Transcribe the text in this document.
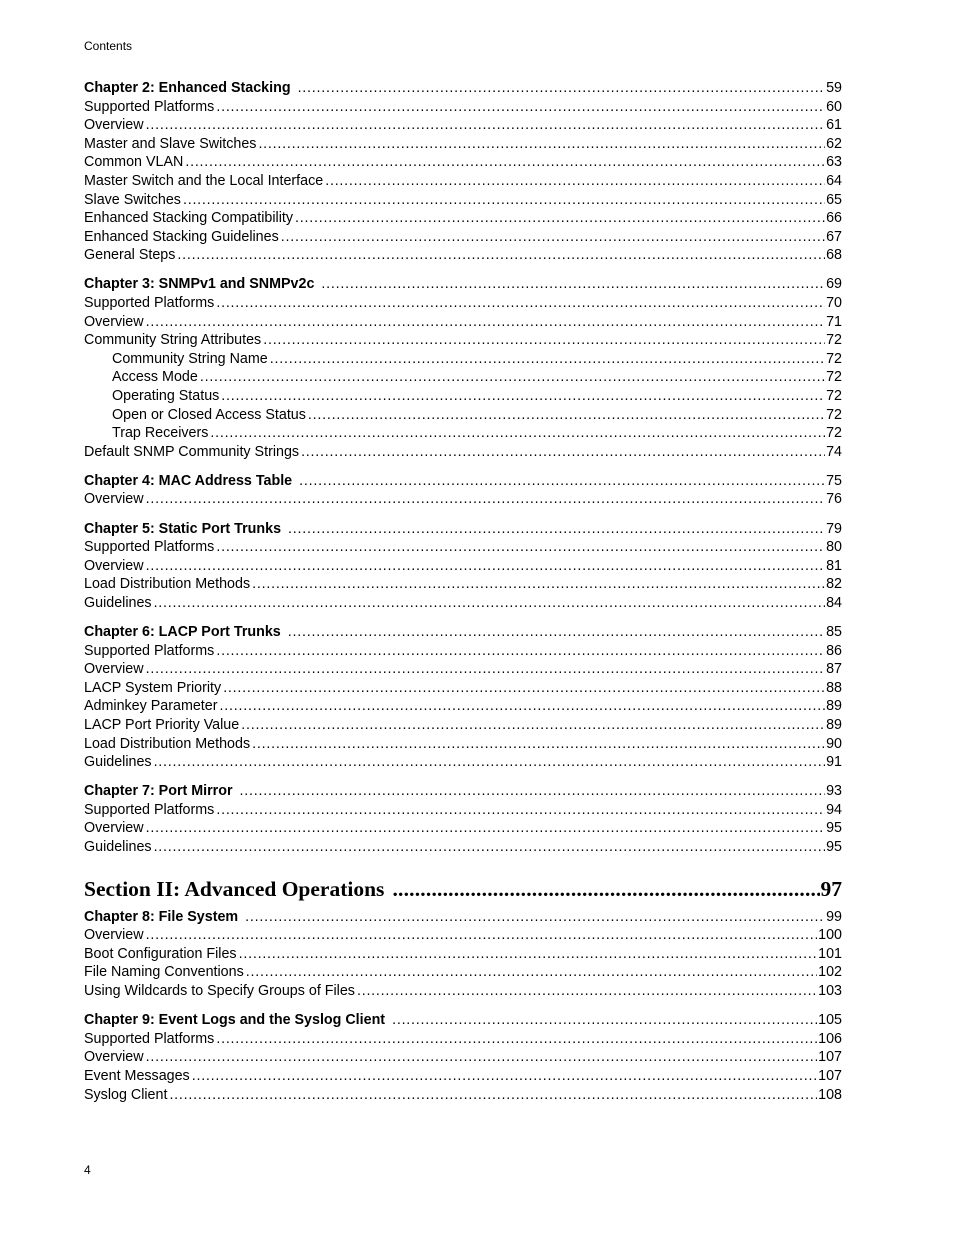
Contents
Chapter 2: Enhanced Stacking . . .	59
Supported Platforms . . .	60
Overview . . .	61
Master and Slave Switches . . .	62
Common VLAN . . .	63
Master Switch and the Local Interface . . .	64
Slave Switches . . .	65
Enhanced Stacking Compatibility . . .	66
Enhanced Stacking Guidelines . . .	67
General Steps . . .	68
Chapter 3: SNMPv1 and SNMPv2c . . .	69
Supported Platforms . . .	70
Overview . . .	71
Community String Attributes . . .	72
Community String Name . . .	72
Access Mode . . .	72
Operating Status . . .	72
Open or Closed Access Status . . .	72
Trap Receivers . . .	72
Default SNMP Community Strings . . .	74
Chapter 4: MAC Address Table . . .	75
Overview . . .	76
Chapter 5: Static Port Trunks . . .	79
Supported Platforms . . .	80
Overview . . .	81
Load Distribution Methods . . .	82
Guidelines . . .	84
Chapter 6: LACP Port Trunks . . .	85
Supported Platforms . . .	86
Overview . . .	87
LACP System Priority . . .	88
Adminkey Parameter . . .	89
LACP Port Priority Value . . .	89
Load Distribution Methods . . .	90
Guidelines . . .	91
Chapter 7: Port Mirror . . .	93
Supported Platforms . . .	94
Overview . . .	95
Guidelines . . .	95
Section II: Advanced Operations .....	97
Chapter 8: File System . . .	99
Overview . . .	100
Boot Configuration Files . . .	101
File Naming Conventions . . .	102
Using Wildcards to Specify Groups of Files . . .	103
Chapter 9: Event Logs and the Syslog Client . . .	105
Supported Platforms . . .	106
Overview . . .	107
Event Messages . . .	107
Syslog Client . . .	108
4
